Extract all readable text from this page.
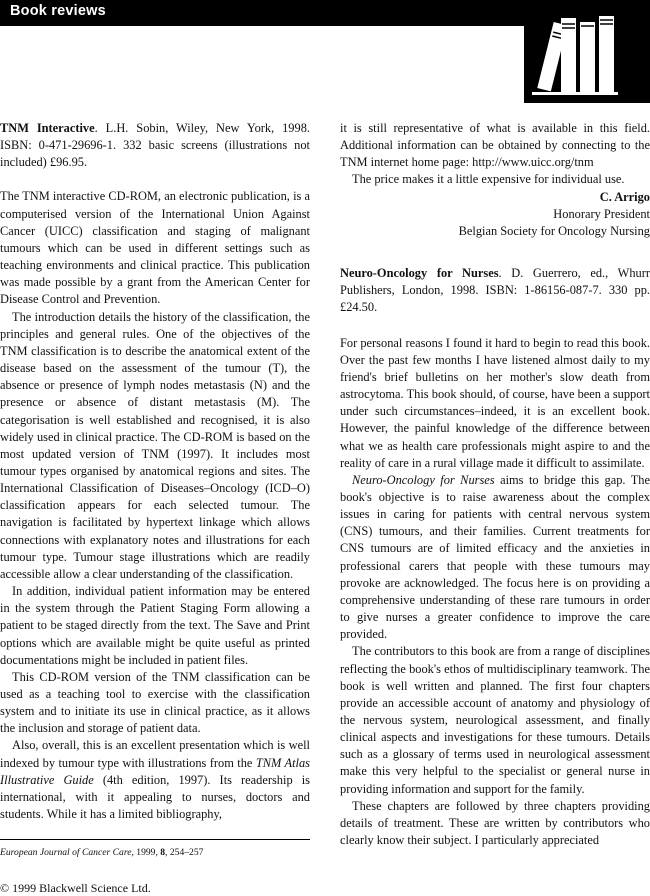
Book reviews

TNM Interactive. L.H. Sobin, Wiley, New York, 1998. ISBN: 0-471-29696-1. 332 basic screens (illustrations not included) £96.95.

The TNM interactive CD-ROM, an electronic publication, is a computerised version of the International Union Against Cancer (UICC) classification and staging of malignant tumours which can be used in different settings such as teaching environments and clinical practice. This publication was made possible by a grant from the American Center for Disease Control and Prevention.

The introduction details the history of the classification, the principles and general rules. One of the objectives of the TNM classification is to describe the anatomical extent of the disease based on the assessment of the tumour (T), the absence or presence of lymph nodes metastasis (N) and the presence or absence of distant metastasis (M). The categorisation is well established and recognised, it is also widely used in clinical practice. The CD-ROM is based on the most updated version of TNM (1997). It includes most tumour types organised by anatomical regions and sites. The International Classification of Diseases–Oncology (ICD–O) classification appears for each selected tumour. The navigation is facilitated by hypertext linkage which allows connections with explanatory notes and illustrations for each tumour type. Tumour stage illustrations which are readily accessible allow a clear understanding of the classification.

In addition, individual patient information may be entered in the system through the Patient Staging Form allowing a patient to be staged directly from the text. The Save and Print options which are available might be quite useful as printed documentations might be included in patient files.

This CD-ROM version of the TNM classification can be used as a teaching tool to exercise with the classification system and to initiate its use in clinical practice, as it allows the inclusion and storage of patient data.

Also, overall, this is an excellent presentation which is well indexed by tumour type with illustrations from the TNM Atlas Illustrative Guide (4th edition, 1997). Its readership is international, with it appealing to nurses, doctors and students. While it has a limited bibliography,

it is still representative of what is available in this field. Additional information can be obtained by connecting to the TNM internet home page: http://www.uicc.org/tnm

The price makes it a little expensive for individual use.

C. Arrigo

Honorary President

Belgian Society for Oncology Nursing

Neuro-Oncology for Nurses. D. Guerrero, ed., Whurr Publishers, London, 1998. ISBN: 1-86156-087-7. 330 pp. £24.50.

For personal reasons I found it hard to begin to read this book. Over the past few months I have listened almost daily to my friend's brief bulletins on her mother's slow death from astrocytoma. This book should, of course, have been a support under such circumstances–indeed, it is an excellent book. However, the painful knowledge of the difference between what we as health care professionals might aspire to and the reality of care in a rural village made it difficult to assimilate.

Neuro-Oncology for Nurses aims to bridge this gap. The book's objective is to raise awareness about the complex issues in caring for patients with central nervous system (CNS) tumours, and their families. Current treatments for CNS tumours are of limited efficacy and the anxieties in professional carers that people with these tumours may provoke are acknowledged. The focus here is on providing a comprehensive understanding of these rare tumours in order to give nurses a greater confidence to improve the care provided.

The contributors to this book are from a range of disciplines reflecting the book's ethos of multidisciplinary teamwork. The book is well written and planned. The first four chapters provide an accessible account of anatomy and physiology of the nervous system, neurological assessment, and finally clinical aspects and investigations for these tumours. Details such as a glossary of terms used in neurological assessment make this very helpful to the specialist or general nurse in providing information and support for the family.

These chapters are followed by three chapters providing details of treatment. These are written by contributors who clearly know their subject. I particularly appreciated

European Journal of Cancer Care, 1999, 8, 254–257
© 1999 Blackwell Science Ltd.
